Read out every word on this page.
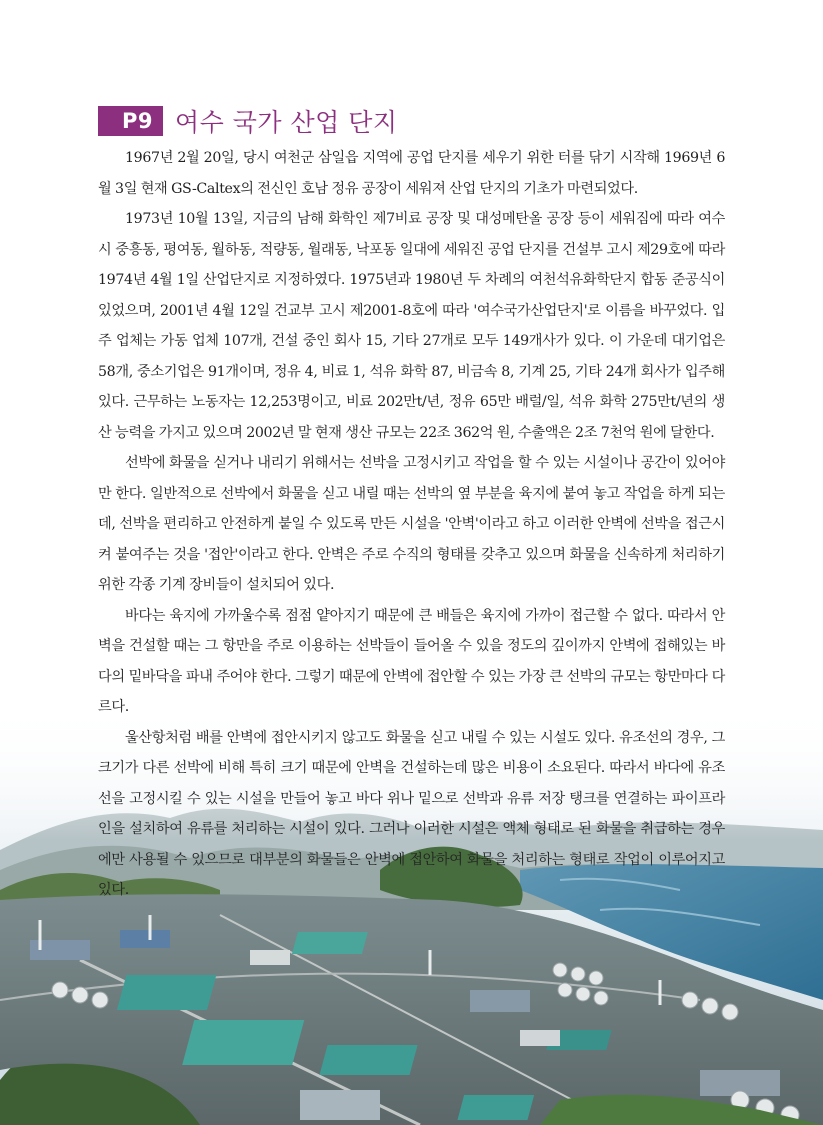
P9 여수 국가 산업 단지

1967년 2월 20일, 당시 여천군 삼일읍 지역에 공업 단지를 세우기 위한 터를 닦기 시작해 1969년 6월 3일 현재 GS-Caltex의 전신인 호남 정유 공장이 세워져 산업 단지의 기초가 마련되었다.

1973년 10월 13일, 지금의 남해 화학인 제7비료 공장 및 대성메탄올 공장 등이 세워짐에 따라 여수시 중흥동, 평여동, 월하동, 적량동, 월래동, 낙포동 일대에 세워진 공업 단지를 건설부 고시 제29호에 따라 1974년 4월 1일 산업단지로 지정하였다. 1975년과 1980년 두 차례의 여천석유화학단지 합동 준공식이 있었으며, 2001년 4월 12일 건교부 고시 제2001-8호에 따라 '여수국가산업단지'로 이름을 바꾸었다. 입주 업체는 가동 업체 107개, 건설 중인 회사 15, 기타 27개로 모두 149개사가 있다. 이 가운데 대기업은 58개, 중소기업은 91개이며, 정유 4, 비료 1, 석유 화학 87, 비금속 8, 기계 25, 기타 24개 회사가 입주해 있다. 근무하는 노동자는 12,253명이고, 비료 202만t/년, 정유 65만 배럴/일, 석유 화학 275만t/년의 생산 능력을 가지고 있으며 2002년 말 현재 생산 규모는 22조 362억 원, 수출액은 2조 7천억 원에 달한다.

선박에 화물을 싣거나 내리기 위해서는 선박을 고정시키고 작업을 할 수 있는 시설이나 공간이 있어야 만 한다. 일반적으로 선박에서 화물을 싣고 내릴 때는 선박의 옆 부분을 육지에 붙여 놓고 작업을 하게 되는데, 선박을 편리하고 안전하게 붙일 수 있도록 만든 시설을 '안벽'이라고 하고 이러한 안벽에 선박을 접근시켜 붙여주는 것을 '접안'이라고 한다. 안벽은 주로 수직의 형태를 갖추고 있으며 화물을 신속하게 처리하기 위한 각종 기계 장비들이 설치되어 있다.

바다는 육지에 가까울수록 점점 얕아지기 때문에 큰 배들은 육지에 가까이 접근할 수 없다. 따라서 안벽을 건설할 때는 그 항만을 주로 이용하는 선박들이 들어올 수 있을 정도의 깊이까지 안벽에 접해있는 바다의 밑바닥을 파내 주어야 한다. 그렇기 때문에 안벽에 접안할 수 있는 가장 큰 선박의 규모는 항만마다 다르다.

울산항처럼 배를 안벽에 접안시키지 않고도 화물을 싣고 내릴 수 있는 시설도 있다. 유조선의 경우, 그 크기가 다른 선박에 비해 특히 크기 때문에 안벽을 건설하는데 많은 비용이 소요된다. 따라서 바다에 유조선을 고정시킬 수 있는 시설을 만들어 놓고 바다 위나 밑으로 선박과 유류 저장 탱크를 연결하는 파이프라인을 설치하여 유류를 처리하는 시설이 있다. 그러나 이러한 시설은 액체 형태로 된 화물을 취급하는 경우에만 사용될 수 있으므로 대부분의 화물들은 안벽에 접안하여 화물을 처리하는 형태로 작업이 이루어지고 있다.
